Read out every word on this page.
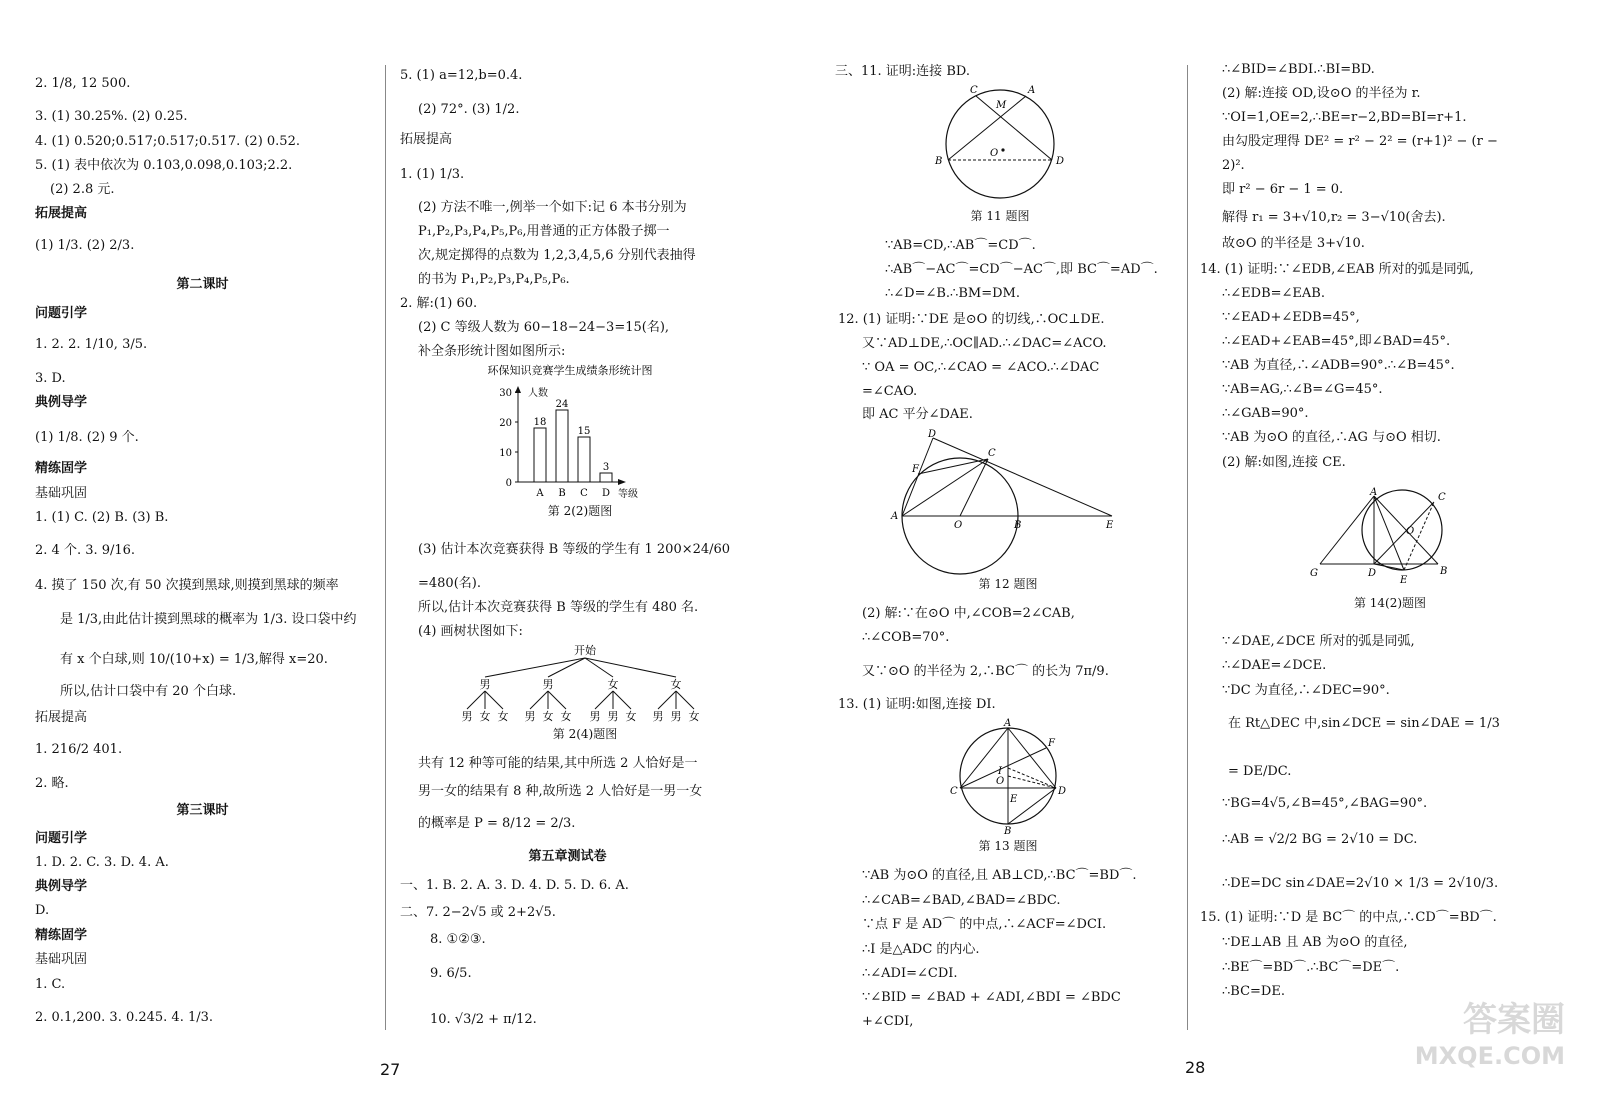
2. 1/8, 12 500.
3. (1) 30.25%. (2) 0.25.
4. (1) 0.520;0.517;0.517;0.517. (2) 0.52.
5. (1) 表中依次为 0.103,0.098,0.103;2.2.
(2) 2.8 元.
拓展提高
(1) 1/3. (2) 2/3.
第二课时
问题引学
1. 2. 2. 1/10, 3/5.
3. D.
典例导学
(1) 1/8. (2) 9 个.
精练固学
基础巩固
1. (1) C. (2) B. (3) B.
2. 4 个. 3. 9/16.
4. 摸了 150 次,有 50 次摸到黑球,则摸到黑球的频率
是 1/3,由此估计摸到黑球的概率为 1/3. 设口袋中约
有 x 个白球,则 10/(10+x) = 1/3,解得 x=20.
所以,估计口袋中有 20 个白球.
拓展提高
1. 216/2 401.
2. 略.
第三课时
问题引学
1. D. 2. C. 3. D. 4. A.
典例导学
D.
精练固学
基础巩固
1. C.
2. 0.1,200. 3. 0.245. 4. 1/3.
5. (1) a=12,b=0.4.
(2) 72°. (3) 1/2.
拓展提高
1. (1) 1/3.
(2) 方法不唯一,例举一个如下:记 6 本书分别为
P₁,P₂,P₃,P₄,P₅,P₆,用普通的正方体骰子掷一
次,规定掷得的点数为 1,2,3,4,5,6 分别代表抽得
的书为 P₁,P₂,P₃,P₄,P₅,P₆.
2. 解:(1) 60.
(2) C 等级人数为 60−18−24−3=15(名),
补全条形统计图如图所示:
环保知识竞赛学生成绩条形统计图
人数
等级
0
10
20
30
18
A
24
B
15
C
3
D
第 2(2)题图
(3) 估计本次竞赛获得 B 等级的学生有 1 200×24/60
=480(名).
所以,估计本次竞赛获得 B 等级的学生有 480 名.
(4) 画树状图如下:
开始
男
男 女 女
男
男 女 女
女
男 男 女
女
男 男 女
第 2(4)题图
共有 12 种等可能的结果,其中所选 2 人恰好是一
男一女的结果有 8 种,故所选 2 人恰好是一男一女
的概率是 P = 8/12 = 2/3.
第五章测试卷
一、1. B. 2. A. 3. D. 4. D. 5. D. 6. A.
二、7. 2−2√5 或 2+2√5.
8. ①②③.
9. 6/5.
10. √3/2 + π/12.
27
三、11. 证明:连接 BD.
C	A
M
B	D
O
第 11 题图
∵AB=CD,∴AB⌒=CD⌒.
∴AB⌒−AC⌒=CD⌒−AC⌒,即 BC⌒=AD⌒.
∴∠D=∠B.∴BM=DM.
12. (1) 证明:∵DE 是⊙O 的切线,∴OC⊥DE.
又∵AD⊥DE,∴OC∥AD.∴∠DAC=∠ACO.
∵ OA = OC,∴∠CAO = ∠ACO.∴∠DAC
=∠CAO.
即 AC 平分∠DAE.
D
F
C
A
O	B	E
第 12 题图
(2) 解:∵在⊙O 中,∠COB=2∠CAB,
∴∠COB=70°.
又∵⊙O 的半径为 2,∴BC⌒ 的长为 7π/9.
13. (1) 证明:如图,连接 DI.
A
F
I
O
C	D
E
B
第 13 题图
∵AB 为⊙O 的直径,且 AB⊥CD,∴BC⌒=BD⌒.
∴∠CAB=∠BAD,∠BAD=∠BDC.
∵点 F 是 AD⌒ 的中点,∴∠ACF=∠DCI.
∴I 是△ADC 的内心.
∴∠ADI=∠CDI.
∵∠BID = ∠BAD + ∠ADI,∠BDI = ∠BDC
+∠CDI,
∴∠BID=∠BDI.∴BI=BD.
(2) 解:连接 OD,设⊙O 的半径为 r.
∵OI=1,OE=2,∴BE=r−2,BD=BI=r+1.
由勾股定理得 DE² = r² − 2² = (r+1)² − (r −
2)².
即 r² − 6r − 1 = 0.
解得 r₁ = 3+√10,r₂ = 3−√10(舍去).
故⊙O 的半径是 3+√10.
14. (1) 证明:∵∠EDB,∠EAB 所对的弧是同弧,
∴∠EDB=∠EAB.
∵∠EAD+∠EDB=45°,
∴∠EAD+∠EAB=45°,即∠BAD=45°.
∵AB 为直径,∴∠ADB=90°.∴∠B=45°.
∵AB=AG,∴∠B=∠G=45°.
∴∠GAB=90°.
∵AB 为⊙O 的直径,∴AG 与⊙O 相切.
(2) 解:如图,连接 CE.
A	C
G	D
E
B
O
第 14(2)题图
∵∠DAE,∠DCE 所对的弧是同弧,
∴∠DAE=∠DCE.
∵DC 为直径,∴∠DEC=90°.
在 Rt△DEC 中,sin∠DCE = sin∠DAE = 1/3
= DE/DC.
∵BG=4√5,∠B=45°,∠BAG=90°.
∴AB = √2/2 BG = 2√10 = DC.
∴DE=DC sin∠DAE=2√10 × 1/3 = 2√10/3.
15. (1) 证明:∵D 是 BC⌒ 的中点,∴CD⌒=BD⌒.
∵DE⊥AB 且 AB 为⊙O 的直径,
∴BE⌒=BD⌒.∴BC⌒=DE⌒.
∴BC=DE.
28
答案圈
MXQE.COM
